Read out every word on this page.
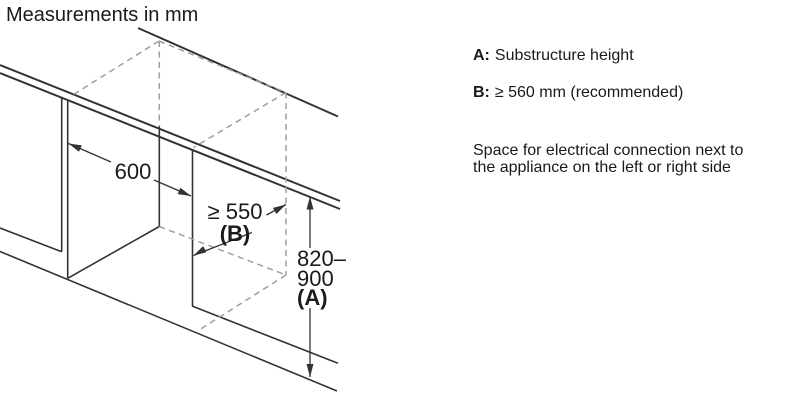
Measurements in mm
600
≥ 550
(B)
820–
900
(A)
A: Substructure height
B: ≥ 560 mm (recommended)
Space for electrical connection next to
the appliance on the left or right side
